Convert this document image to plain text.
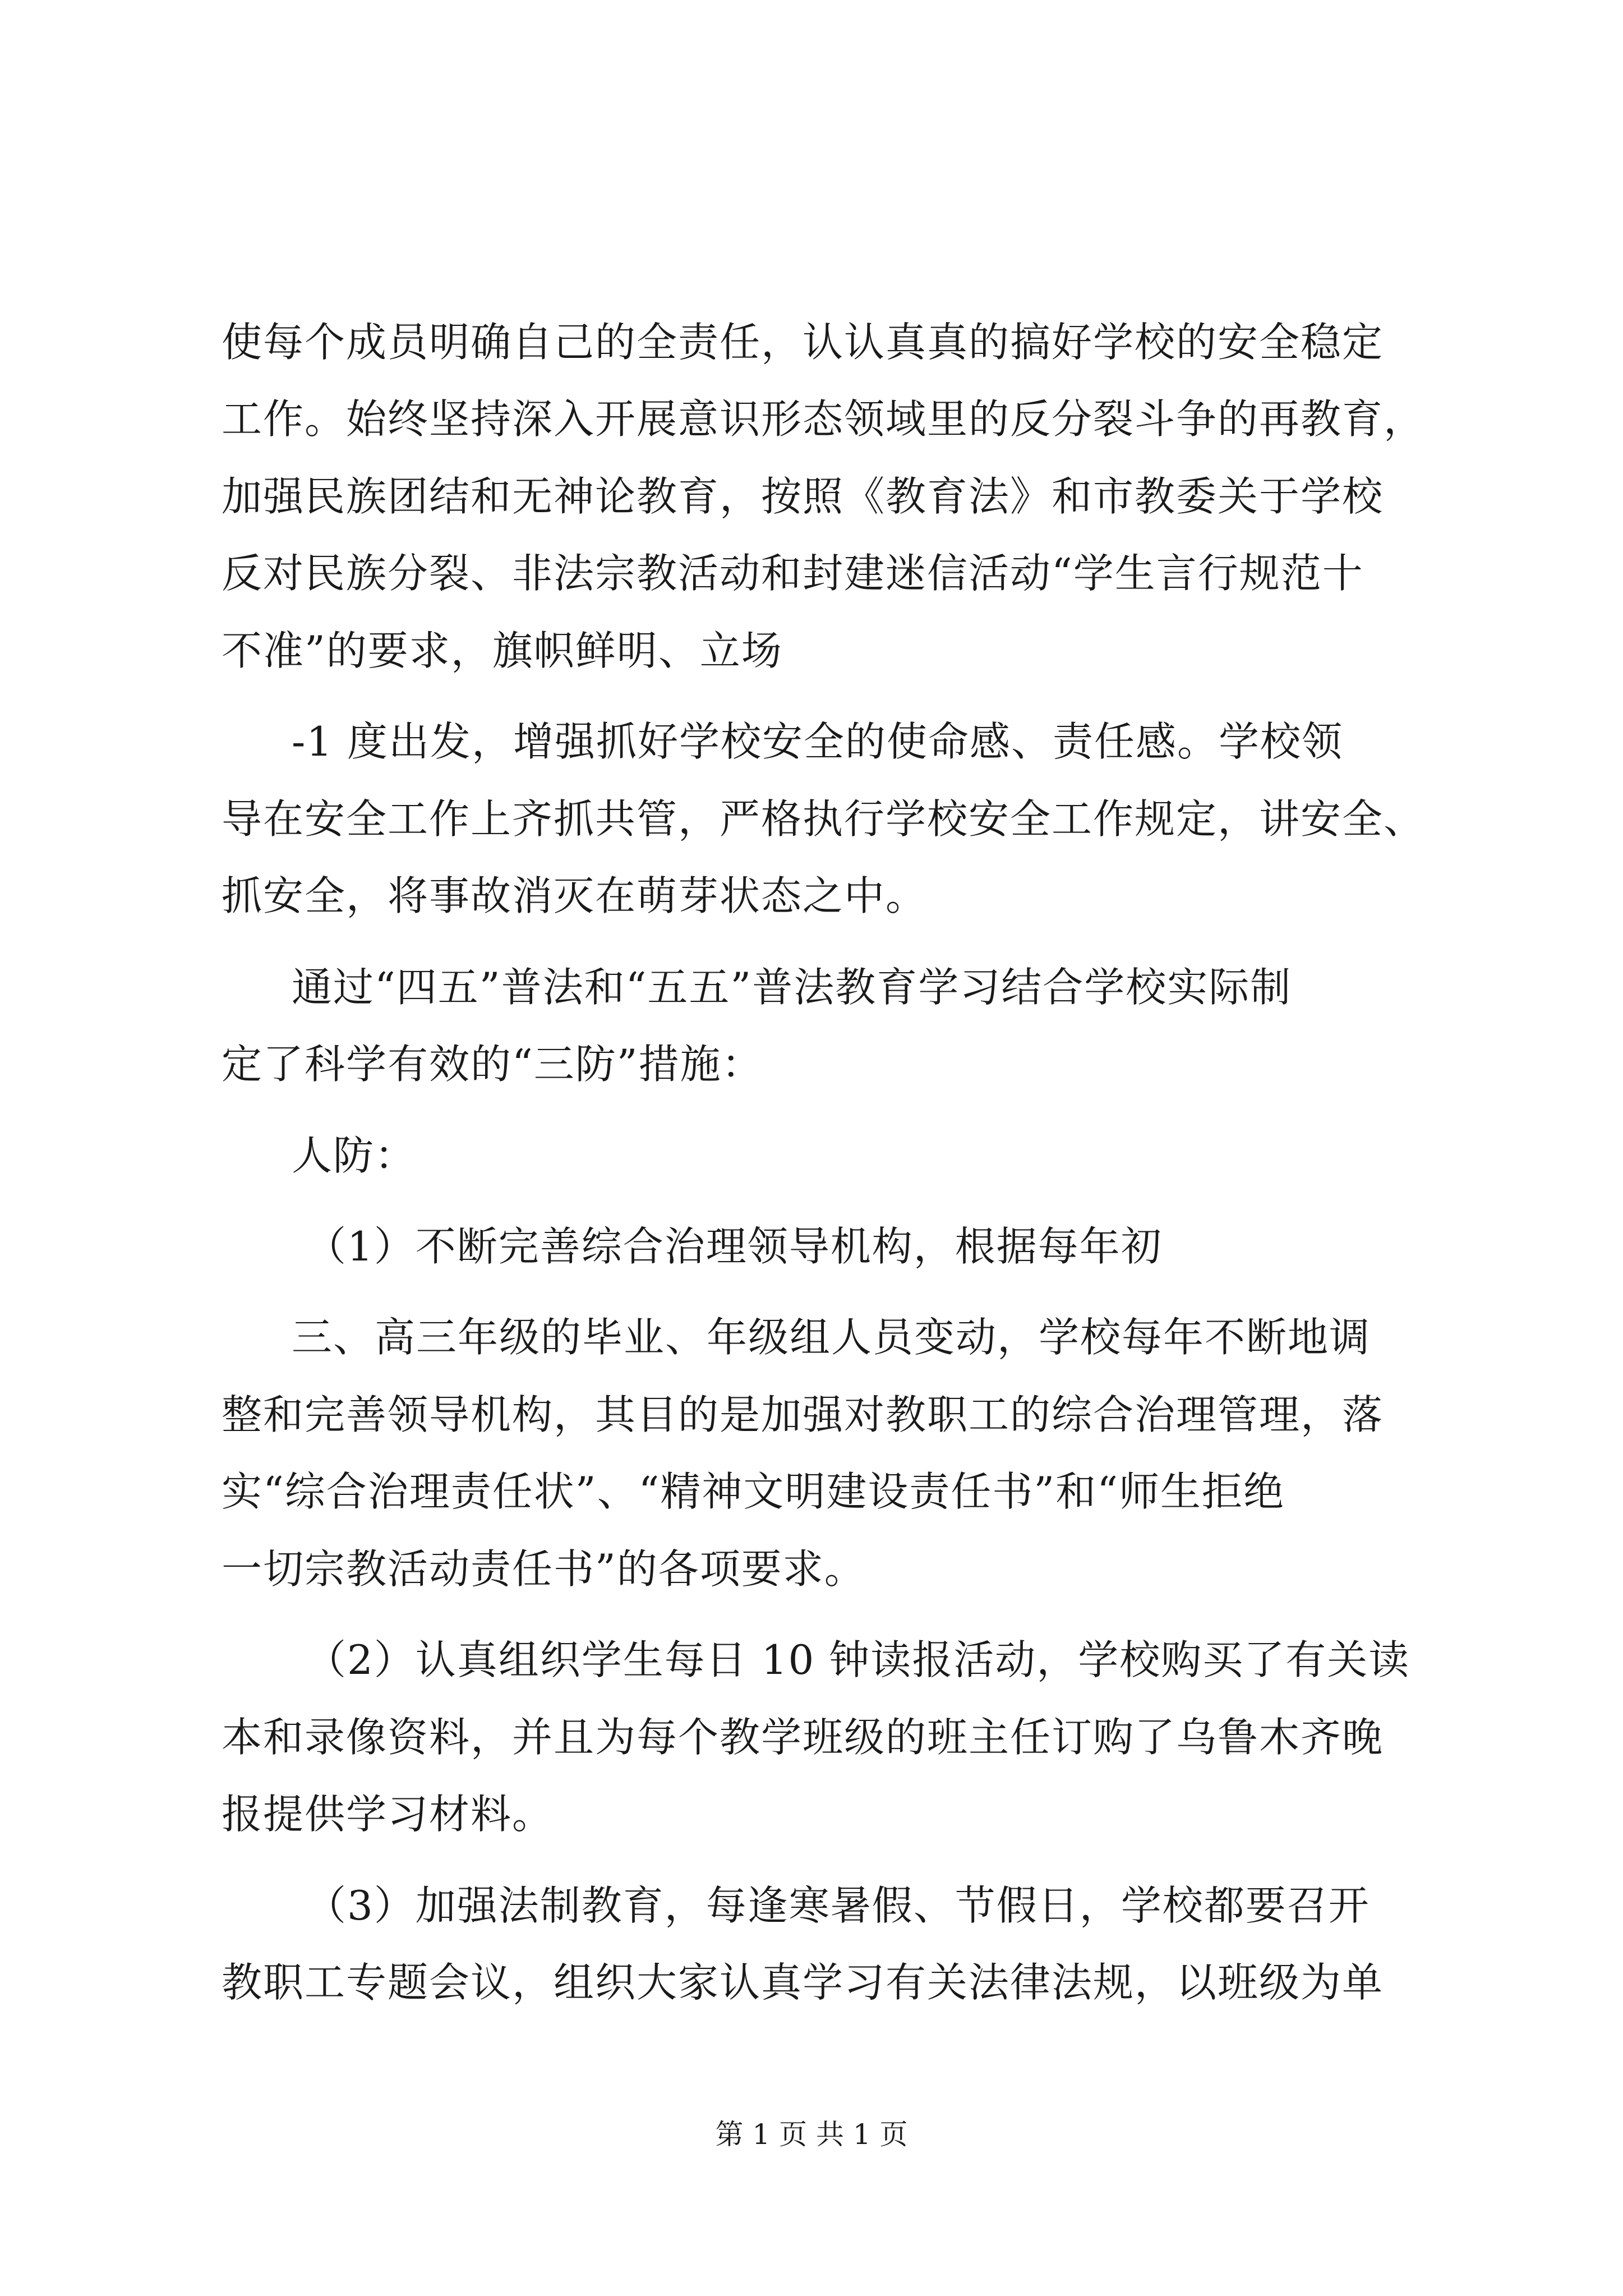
使每个成员明确自己的全责任，认认真真的搞好学校的安全稳定
工作。始终坚持深入开展意识形态领域里的反分裂斗争的再教育，
加强民族团结和无神论教育，按照《教育法》和市教委关于学校
反对民族分裂、非法宗教活动和封建迷信活动“学生言行规范十
不准”的要求，旗帜鲜明、立场
-1 度出发，增强抓好学校安全的使命感、责任感。学校领
导在安全工作上齐抓共管，严格执行学校安全工作规定，讲安全、
抓安全，将事故消灭在萌芽状态之中。
通过“四五”普法和“五五”普法教育学习结合学校实际制
定了科学有效的“三防”措施：
人防：
（1）不断完善综合治理领导机构，根据每年初
三、高三年级的毕业、年级组人员变动，学校每年不断地调
整和完善领导机构，其目的是加强对教职工的综合治理管理，落
实“综合治理责任状”、“精神文明建设责任书”和“师生拒绝
一切宗教活动责任书”的各项要求。
（2）认真组织学生每日 10 钟读报活动，学校购买了有关读
本和录像资料，并且为每个教学班级的班主任订购了乌鲁木齐晚
报提供学习材料。
（3）加强法制教育，每逢寒暑假、节假日，学校都要召开
教职工专题会议，组织大家认真学习有关法律法规，以班级为单
第 1 页 共 1 页
